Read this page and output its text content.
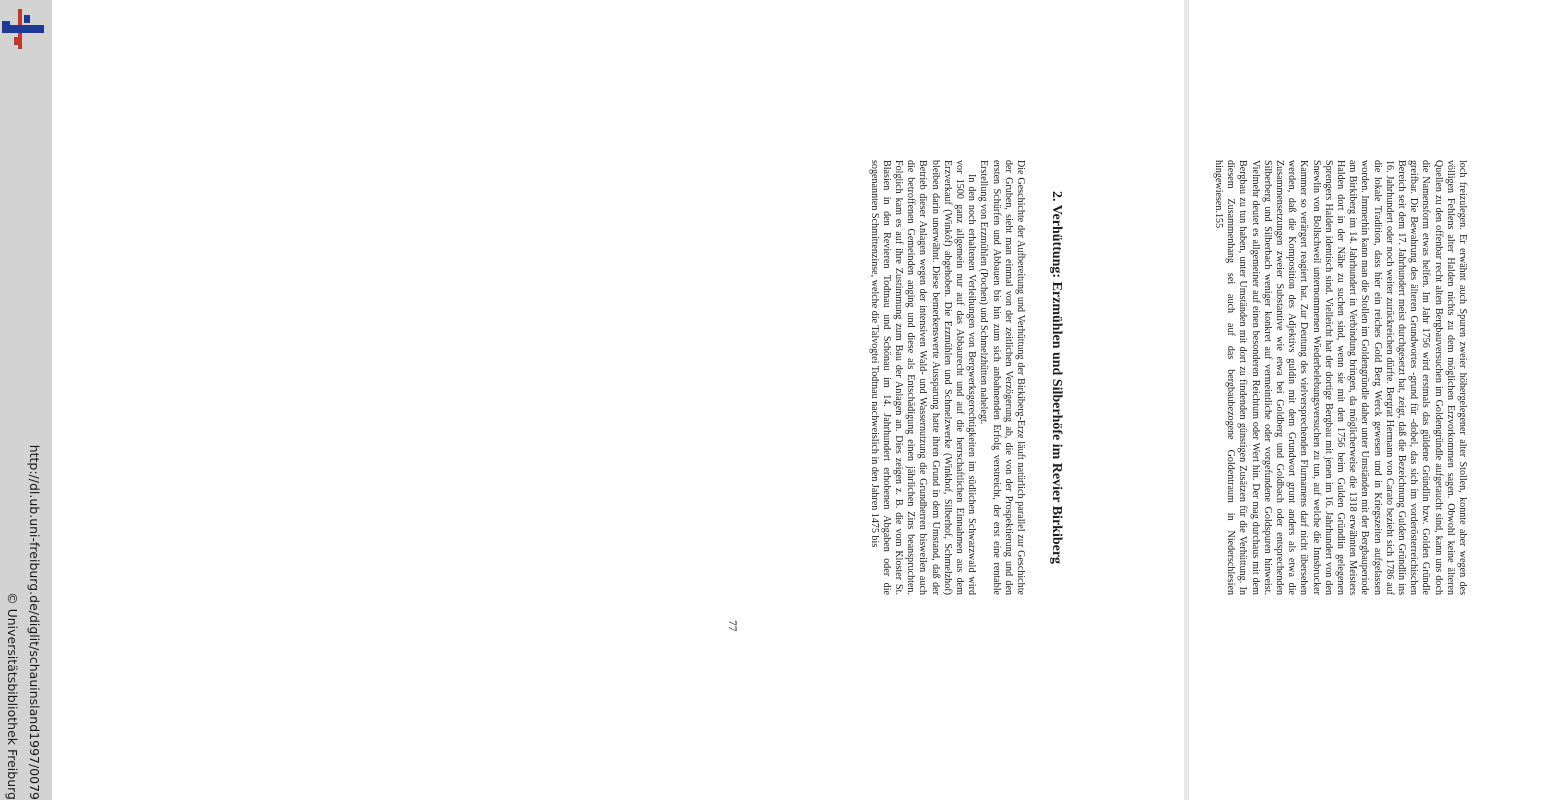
http://dl.ub.uni-freiburg.de/diglit/schauinsland1997/0079
© Universitätsbibliothek Freiburg

loch freizulegen. Er erwähnt auch Spuren zweier höhergelegener alter Stollen, konnte aber wegen des völligen Fehlens alter Halden nichts zu dem möglichen Erzvorkommen sagen. Obwohl keine älteren Quellen zu den offenbar recht alten Bergbauversuchen im Goldengründle aufgetaucht sind, kann uns doch die Namensform etwas helfen. Im Jahr 1756 wird erstmals das güldene Gründlin bzw. Golden Gründle greifbar. Die Bewahrung des älteren Grundwortes -grund für -dobel, das sich im vorderösterreichischen Bereich seit dem 17. Jahrhundert meist durchgesetzt hat, zeigt, daß die Bezeichnung Gulden Gründlin ins 16. Jahrhundert oder noch weiter zurückreichen dürfte. Bergrat Hermann von Carato bezieht sich 1786 auf die lokale Tradition, dass hier ein reiches Gold Berg Werck gewesen und in Kriegszeiten aufgelassen worden. Immerhin kann man die Stollen im Goldengründle daher unter Umständen mit der Bergbauperiode am Birkiberg im 14. Jahrhundert in Verbindung bringen, da möglicherweise die 1318 erwähnten Meisters Halden dort in der Nähe zu suchen sind, wenn sie mit den 1756 beim Gulden Gründlin gelegenen Sprengers Halden identisch sind. Vielleicht hat der dortige Bergbau mit jenen im 16. Jahrhundert von den Snewlin von Bollschweil unternommenen Wiederbelebungsversuchen zu tun, auf welche die Innsbrucker Kammer so verärgert reagiert hat. Zur Deutung des vielversprechenden Flurnamens darf nicht übersehen werden, daß die Komposition des Adjektivs guldin mit dem Grundwort grunt anders als etwa die Zusammensetzungen zweier Substantive wie etwa bei Goldberg und Goldbach oder entsprechenden Silberberg und Silberbach weniger konkret auf vermeintliche oder vorgefundene Goldspuren hinweist. Vielmehr deutet es allgemeiner auf einen besonderen Reichtum oder Wert hin. Der mag durchaus mit dem Bergbau zu tun haben, unter Umständen mit dort zu findenden günstigen Zusätzen für die Verhüttung. In diesem Zusammenhang sei auch auf das bergbaubezogene Goldentraum in Niederschlesien hingewiesen.155

2. Verhüttung: Erzmühlen und Silberhöfe im Revier Birkiberg

Die Geschichte der Aufbereitung und Verhüttung der Birkiberg-Erze läuft natürlich parallel zur Geschichte der Gruben, sieht man einmal von der zeitlichen Verzögerung ab, die von der Prospektierung und den ersten Schürfen und Abbauen bis hin zum sich anbahnenden Erfolg verstreicht, der erst eine rentable Erstellung von Erzmühlen (Pochen) und Schmelzhütten nahelegt.

In den noch erhaltenen Verleihungen von Bergwerksgerechtigkeiten im südlichen Schwarzwald wird vor 1500 ganz allgemein nur auf das Abbaurecht und auf die herrschaftlichen Einnahmen aus dem Erzverkauf (Winkôf) abgehoben. Die Erzmühlen und Schmelzwerke (Winkhof, Silberhof, Schmelzhof) bleiben darin unerwähnt. Diese bemerkenswerte Aussparung hatte ihren Grund in dem Umstand, daß der Betrieb dieser Anlagen wegen der intensiven Wald- und Wassernutzung die Grundherren bisweilen auch die betroffenen Gemeinden anging und diese als Entschädigung einen jährlichen Zins beanspruchten. Folglich kam es auf ihre Zustimmung zum Bau der Anlagen an. Dies zeigen z. B. die vom Kloster St. Blasien in den Revieren Todtnau und Schönau im 14. Jahrhundert erhobenen Abgaben oder die sogenannten Schmittenzinse, welche die Talvogtei Todtnau nachweislich in den Jahren 1475 bis

77
